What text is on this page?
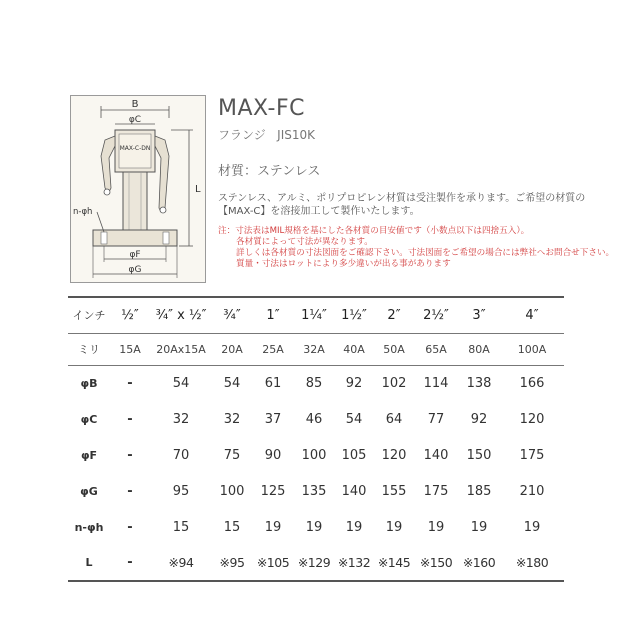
B
φC
MAX-C-DN
L
n-φh
φF
φG
MAX-FC
フランジ JIS10K
材質：ステンレス
ステンレス、アルミ、ポリプロピレン材質は受注製作を承ります。ご希望の材質の【MAX-C】を溶接加工して製作いたします。
注：寸法表はMIL規格を基にした各材質の目安値です（小数点以下は四捨五入）。
各材質によって寸法が異なります。
詳しくは各材質の寸法図面をご確認下さい。寸法図面をご希望の場合には弊社へお問合せ下さい。
質量・寸法はロットにより多少違いが出る事があります
インチ	½″	¾″ x ½″	¾″	1″	1¼″	1½″	2″	2½″	3″	4″
ミリ	15A	20Ax15A	20A	25A	32A	40A	50A	65A	80A	100A
φB	-	54	54	61	85	92	102	114	138	166
φC	-	32	32	37	46	54	64	77	92	120
φF	-	70	75	90	100	105	120	140	150	175
φG	-	95	100	125	135	140	155	175	185	210
n-φh	-	15	15	19	19	19	19	19	19	19
L	-	※94	※95	※105	※129	※132	※145	※150	※160	※180
